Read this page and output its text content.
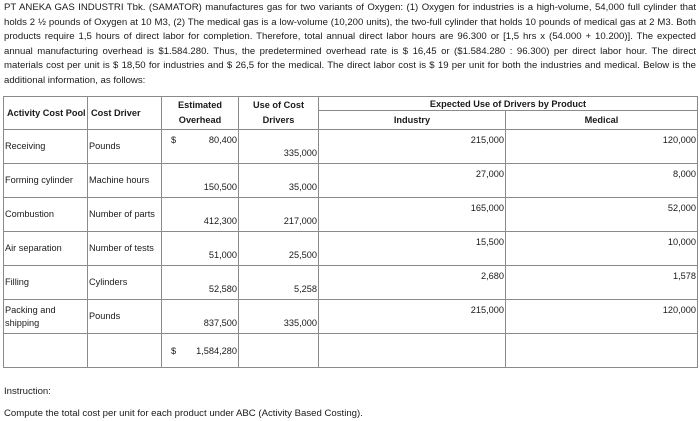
PT ANEKA GAS INDUSTRI Tbk. (SAMATOR) manufactures gas for two variants of Oxygen: (1) Oxygen for industries is a high-volume, 54,000 full cylinder that holds 2 ½ pounds of Oxygen at 10 M3, (2) The medical gas is a low-volume (10,200 units), the two-full cylinder that holds 10 pounds of medical gas at 2 M3. Both products require 1,5 hours of direct labor for completion. Therefore, total annual direct labor hours are 96.300 or [1,5 hrs x (54.000 + 10.200)]. The expected annual manufacturing overhead is $1.584.280. Thus, the predetermined overhead rate is $ 16,45 or ($1.584.280 : 96.300) per direct labor hour. The direct materials cost per unit is $ 18,50 for industries and $ 26,5 for the medical. The direct labor cost is $ 19 per unit for both the industries and medical. Below is the additional information, as follows:
Activity Cost Pool	Cost Driver	Estimated Overhead	Use of Cost Drivers	Expected Use of Drivers by Product	
				Industry	Medical
Receiving	Pounds	$ 80,400	335,000	215,000	120,000
Forming cylinder	Machine hours	150,500	35,000	27,000	8,000
Combustion	Number of parts	412,300	217,000	165,000	52,000
Air separation	Number of tests	51,000	25,500	15,500	10,000
Filling	Cylinders	52,580	5,258	2,680	1,578
Packing and shipping	Pounds	837,500	335,000	215,000	120,000

		$ 1,584,280			

Instruction:
Compute the total cost per unit for each product under ABC (Activity Based Costing).
